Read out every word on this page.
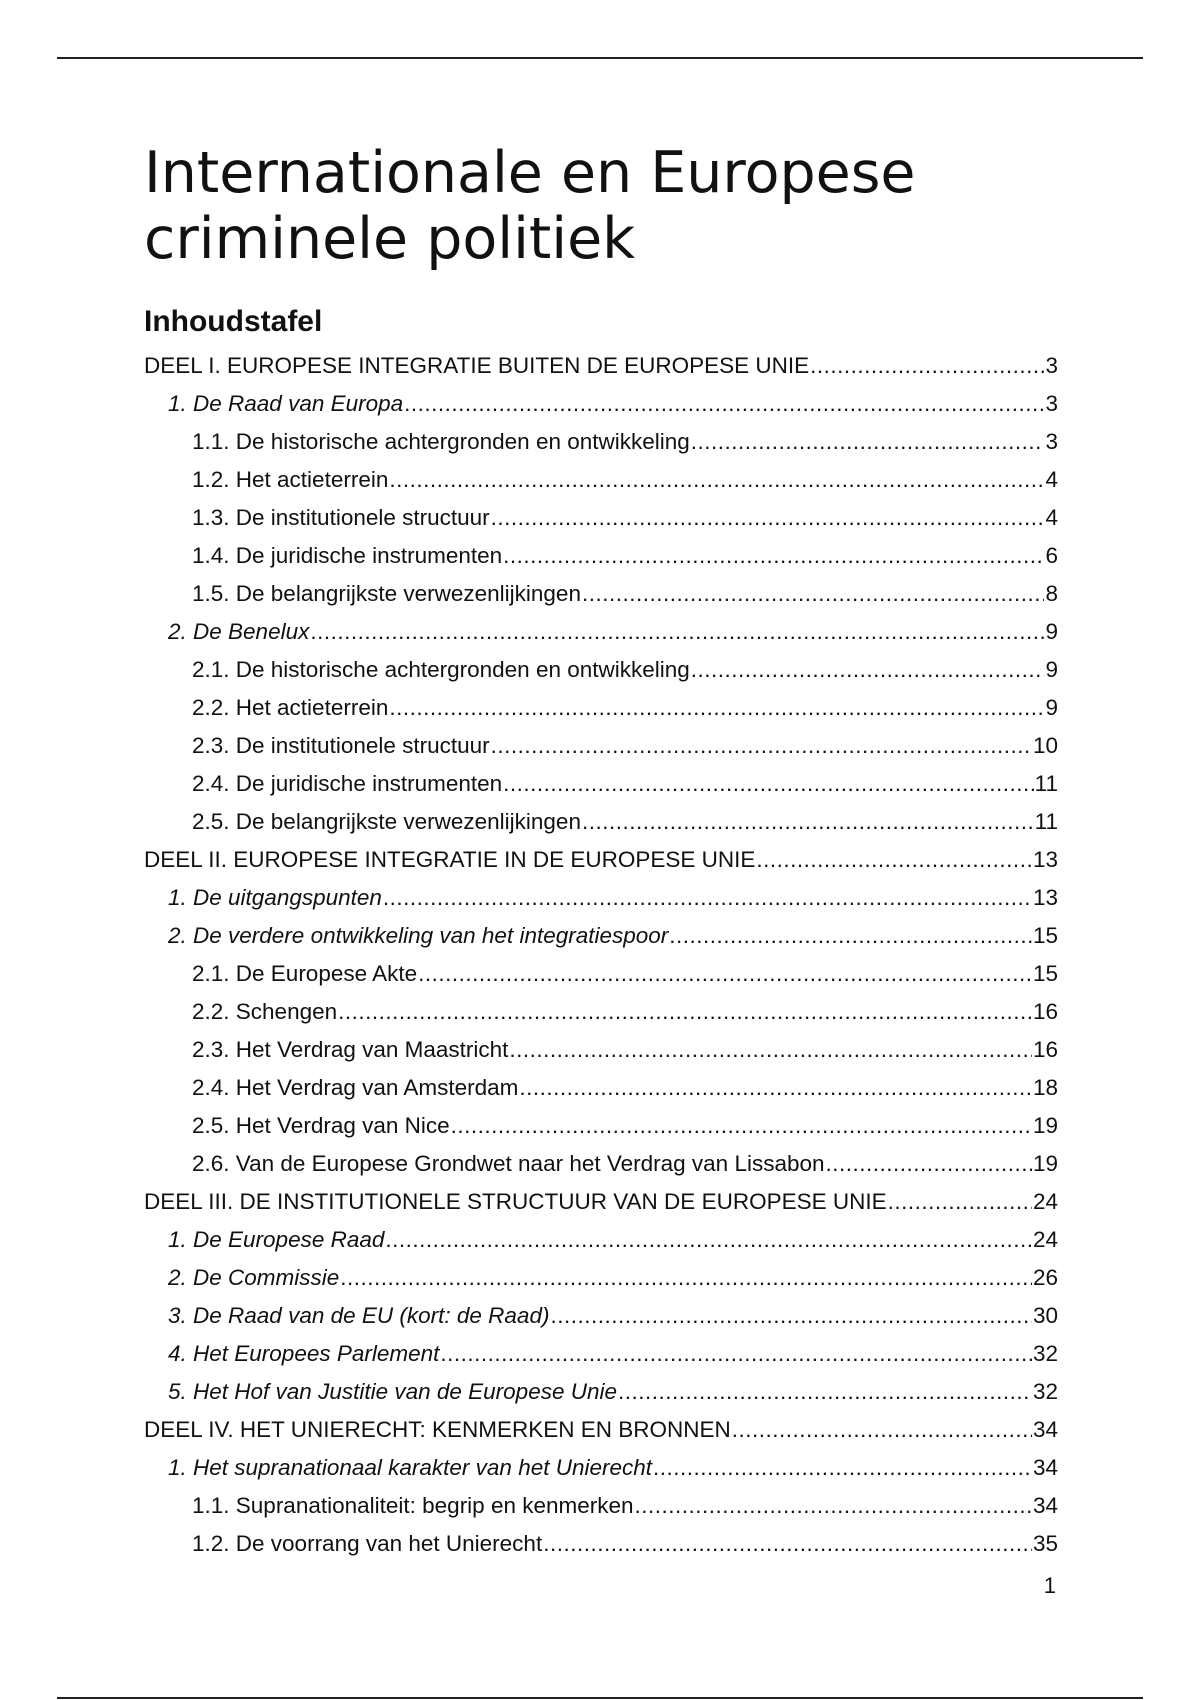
Internationale en Europese
criminele politiek
Inhoudstafel
DEEL I. EUROPESE INTEGRATIE BUITEN DE EUROPESE UNIE .....	3
1. De Raad van Europa .....	3
1.1. De historische achtergronden en ontwikkeling .....	3
1.2. Het actieterrein .....	4
1.3. De institutionele structuur .....	4
1.4. De juridische instrumenten .....	6
1.5. De belangrijkste verwezenlijkingen .....	8
2. De Benelux .....	9
2.1. De historische achtergronden en ontwikkeling .....	9
2.2. Het actieterrein .....	9
2.3. De institutionele structuur .....	10
2.4. De juridische instrumenten .....	11
2.5. De belangrijkste verwezenlijkingen .....	11
DEEL II. EUROPESE INTEGRATIE IN DE EUROPESE UNIE .....	13
1. De uitgangspunten .....	13
2. De verdere ontwikkeling van het integratiespoor .....	15
2.1. De Europese Akte .....	15
2.2. Schengen .....	16
2.3. Het Verdrag van Maastricht .....	16
2.4. Het Verdrag van Amsterdam .....	18
2.5. Het Verdrag van Nice .....	19
2.6. Van de Europese Grondwet naar het Verdrag van Lissabon .....	19
DEEL III. DE INSTITUTIONELE STRUCTUUR VAN DE EUROPESE UNIE .....	24
1. De Europese Raad .....	24
2. De Commissie .....	26
3. De Raad van de EU (kort: de Raad) .....	30
4. Het Europees Parlement .....	32
5. Het Hof van Justitie van de Europese Unie .....	32
DEEL IV. HET UNIERECHT: KENMERKEN EN BRONNEN .....	34
1. Het supranationaal karakter van het Unierecht .....	34
1.1. Supranationaliteit: begrip en kenmerken .....	34
1.2. De voorrang van het Unierecht .....	35
1
